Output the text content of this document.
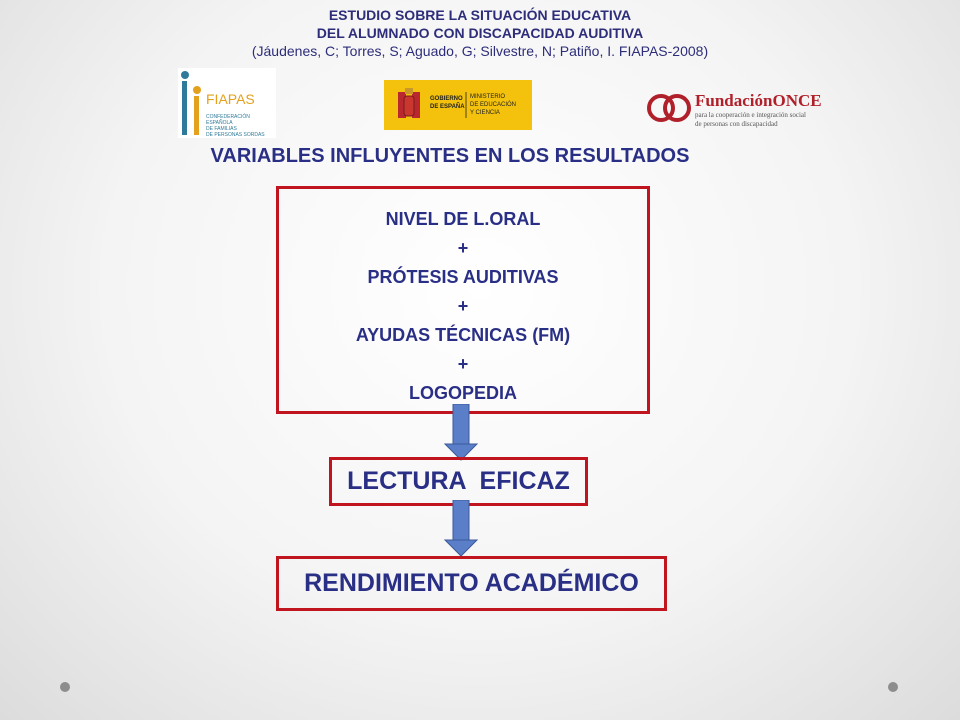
ESTUDIO SOBRE LA SITUACIÓN EDUCATIVA
DEL ALUMNADO CON DISCAPACIDAD AUDITIVA
(Jáudenes, C; Torres, S; Aguado, G; Silvestre, N; Patiño, I. FIAPAS-2008)
FIAPAS
CONFEDERACIÓN
ESPAÑOLA
DE FAMILIAS
DE PERSONAS SORDAS
GOBIERNO
DE ESPAÑA
MINISTERIO
DE EDUCACIÓN
Y CIENCIA
FundaciónONCE
para la cooperación e integración social
de personas con discapacidad
VARIABLES INFLUYENTES EN LOS RESULTADOS
NIVEL DE L.ORAL
+
PRÓTESIS AUDITIVAS
+
AYUDAS TÉCNICAS (FM)
+
LOGOPEDIA
LECTURA  EFICAZ
RENDIMIENTO ACADÉMICO
